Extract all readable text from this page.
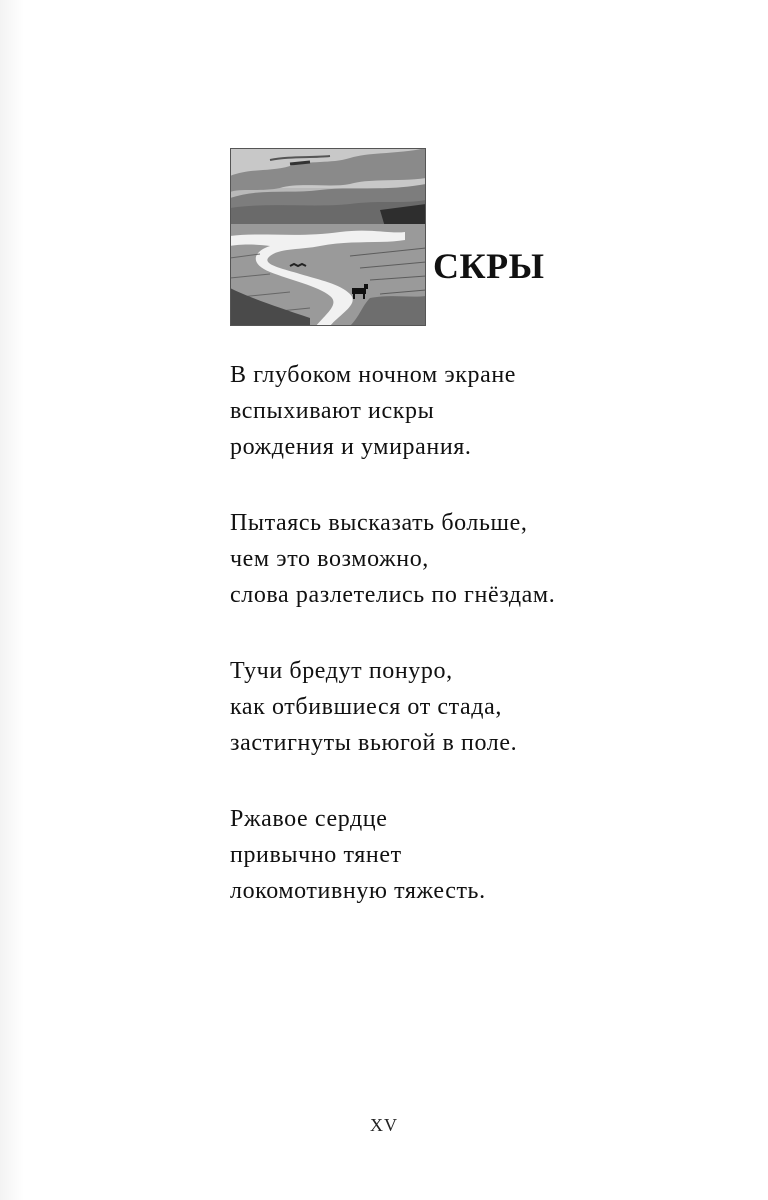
СКРЫ
В глубоком ночном экране
вспыхивают искры
рождения и умирания.
Пытаясь высказать больше,
чем это возможно,
слова разлетелись по гнёздам.
Тучи бредут понуро,
как отбившиеся от стада,
застигнуты вьюгой в поле.
Ржавое сердце
привычно тянет
локомотивную тяжесть.
XV
